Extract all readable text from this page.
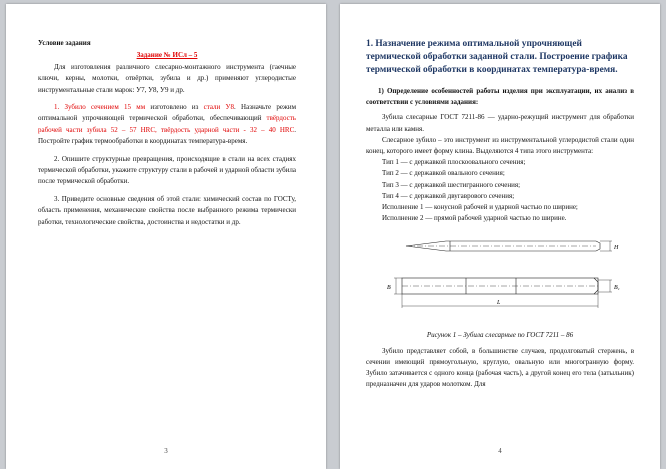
Условие задания
Задание № ИСл – 5

Для изготовления различного слесарно-монтажного инструмента (гаечные ключи, керны, молотки, отвёртки, зубила и др.) применяют углеродистые инструментальные стали марок: У7, У8, У9 и др.

1. Зубило сечением 15 мм изготовлено из стали У8. Назначьте режим оптимальной упрочняющей термической обработки, обеспечивающий твёрдость рабочей части зубила 52 – 57 HRC, твёрдость ударной части - 32 – 40 HRC. Постройте график термообработки в координатах температура-время.

2. Опишите структурные превращения, происходящие в стали на всех стадиях термической обработки, укажите структуру стали в рабочей и ударной области зубила после термической обработки.

3. Приведите основные сведения об этой стали: химический состав по ГОСТу, область применения, механические свойства после выбранного режима термически работки, технологические свойства, достоинства и недостатки и др.

3
1. Назначение режима оптимальной упрочняющей термической обработки заданной стали. Построение графика термической обработки в координатах температура-время.
1) Определение особенностей работы изделия при эксплуатации, их анализ в соответствии с условиями задания:

Зубила слесарные ГОСТ 7211-86 — ударно-режущий инструмент для обработки металла или камня.

Слесарное зубило – это инструмент из инструментальной углеродистой стали один конец, которого имеет форму клина. Выделяются 4 типа этого инструмента:

Тип 1 — с державкой плоскоовального сечения;

Тип 2 — с державкой овального сечения;

Тип 3 — с державкой шестигранного сечения;

Тип 4 — с державкой двугаврового сечения;

Исполнение 1 — конусной рабочей и ударной частью по ширине;

Исполнение 2 — прямой рабочей ударной частью по ширине.

H
B	B₁
L
Рисунок 1 – Зубила слесарные по ГОСТ 7211 – 86

Зубило представляет собой, в большинстве случаев, продолговатый стержень, в сечении имеющий прямоугольную, круглую, овальную или многогранную форму. Зубило затачивается с одного конца (рабочая часть), а другой конец его тела (затыльник) предназначен для ударов молотком. Для

4
